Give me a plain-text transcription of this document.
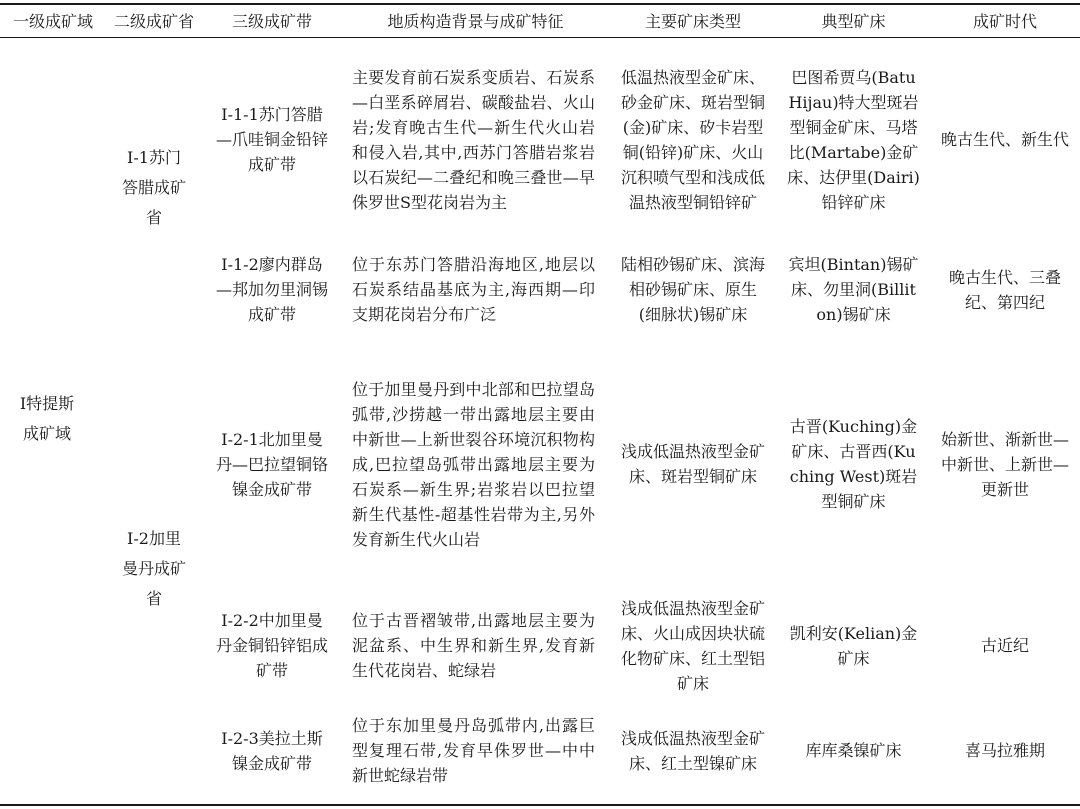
一级成矿域	二级成矿省	三级成矿带	地质构造背景与成矿特征	主要矿床类型	典型矿床	成矿时代
Ⅰ特提斯成矿域	Ⅰ-1苏门答腊成矿省	Ⅰ-1-1苏门答腊—爪哇铜金铅锌成矿带	主要发育前石炭系变质岩、石炭系—白垩系碎屑岩、碳酸盐岩、火山岩;发育晚古生代—新生代火山岩和侵入岩,其中,西苏门答腊岩浆岩以石炭纪—二叠纪和晚三叠世—早侏罗世S型花岗岩为主	低温热液型金矿床、砂金矿床、斑岩型铜(金)矿床、矽卡岩型铜(铅锌)矿床、火山沉积喷气型和浅成低温热液型铜铅锌矿	巴图希贾乌(Batu Hijau)特大型斑岩型铜金矿床、马塔比(Martabe)金矿床、达伊里(Dairi)铅锌矿床	晚古生代、新生代
		Ⅰ-1-2廖内群岛—邦加勿里洞锡成矿带	位于东苏门答腊沿海地区,地层以石炭系结晶基底为主,海西期—印支期花岗岩分布广泛	陆相砂锡矿床、滨海相砂锡矿床、原生(细脉状)锡矿床	宾坦(Bintan)锡矿床、勿里洞(Billiton)锡矿床	晚古生代、三叠纪、第四纪
	Ⅰ-2加里曼丹成矿省	Ⅰ-2-1北加里曼丹—巴拉望铜铬镍金成矿带	位于加里曼丹到中北部和巴拉望岛弧带,沙捞越一带出露地层主要由中新世—上新世裂谷环境沉积物构成,巴拉望岛弧带出露地层主要为石炭系—新生界;岩浆岩以巴拉望新生代基性-超基性岩带为主,另外发育新生代火山岩	浅成低温热液型金矿床、斑岩型铜矿床	古晋(Kuching)金矿床、古晋西(Kuching West)斑岩型铜矿床	始新世、渐新世—中新世、上新世—更新世
		Ⅰ-2-2中加里曼丹金铜铅锌铝成矿带	位于古晋褶皱带,出露地层主要为泥盆系、中生界和新生界,发育新生代花岗岩、蛇绿岩	浅成低温热液型金矿床、火山成因块状硫化物矿床、红土型铝矿床	凯利安(Kelian)金矿床	古近纪
		Ⅰ-2-3美拉土斯镍金成矿带	位于东加里曼丹岛弧带内,出露巨型复理石带,发育早侏罗世—中中新世蛇绿岩带	浅成低温热液型金矿床、红土型镍矿床	库库桑镍矿床	喜马拉雅期
